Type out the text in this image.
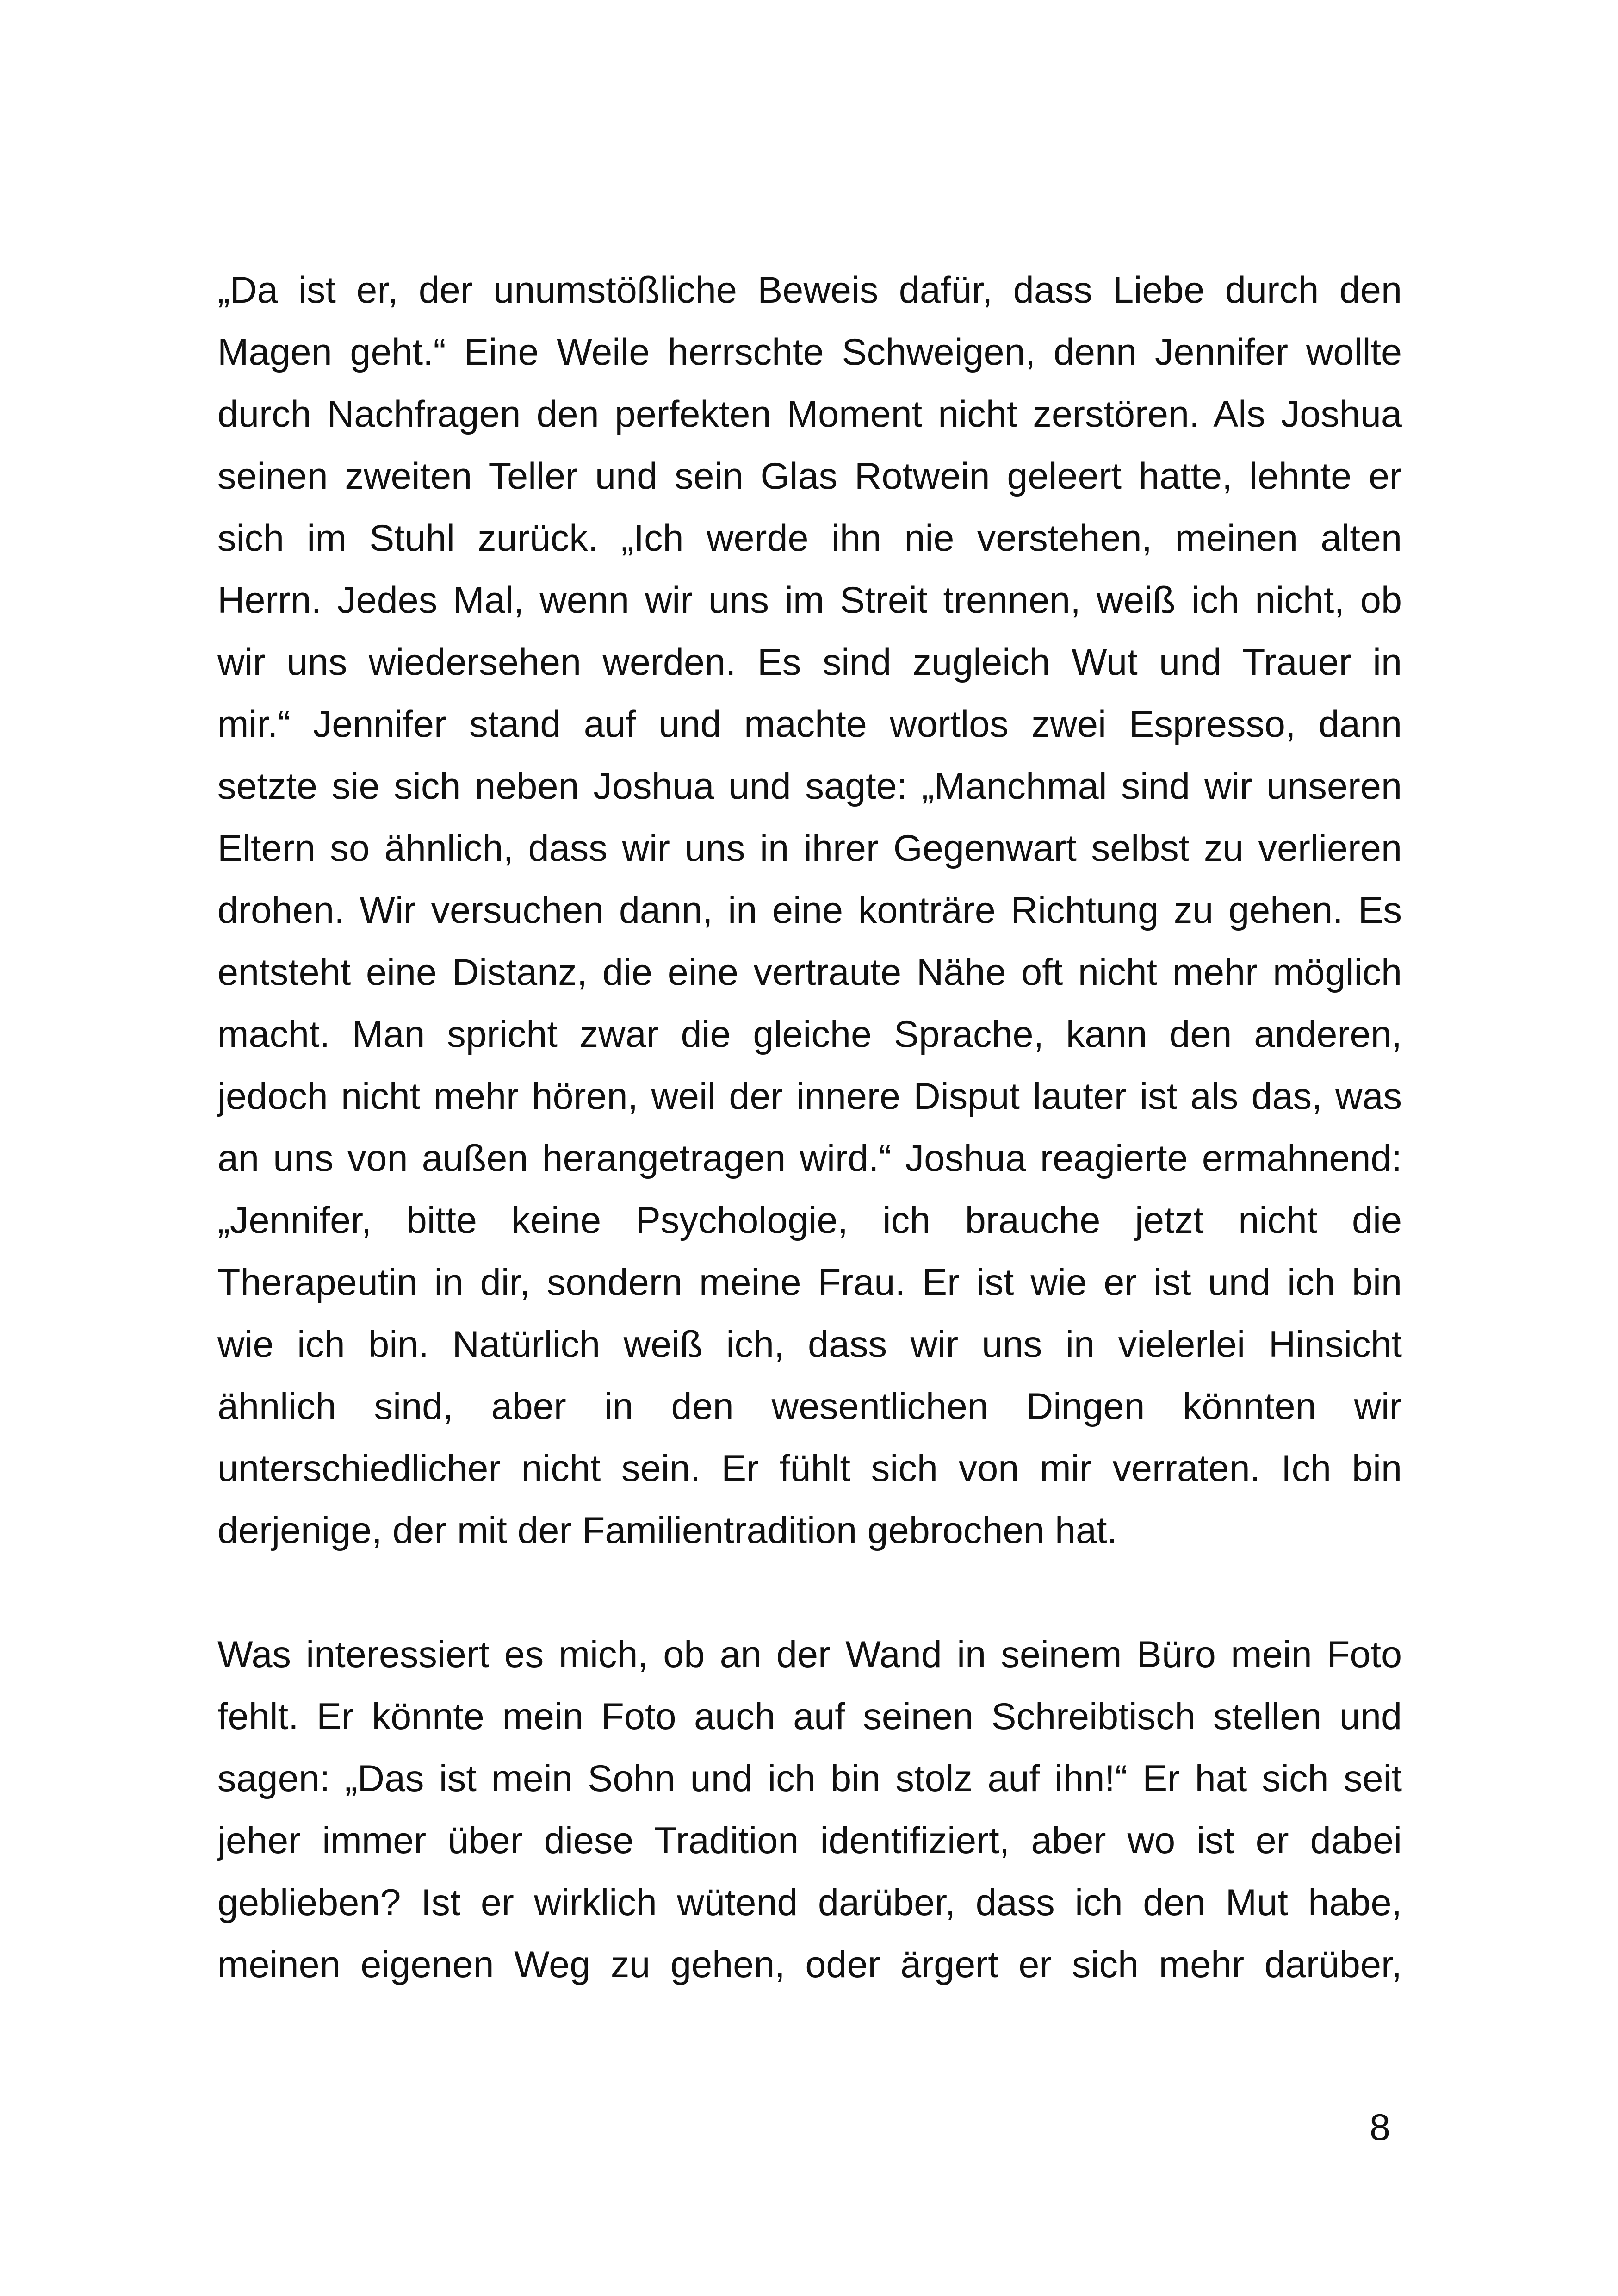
„Da ist er, der unumstößliche Beweis dafür, dass Liebe durch den
Magen geht.“ Eine Weile herrschte Schweigen, denn Jennifer wollte
durch Nachfragen den perfekten Moment nicht zerstören. Als Joshua
seinen zweiten Teller und sein Glas Rotwein geleert hatte, lehnte er
sich im Stuhl zurück. „Ich werde ihn nie verstehen, meinen alten
Herrn. Jedes Mal, wenn wir uns im Streit trennen, weiß ich nicht, ob
wir uns wiedersehen werden. Es sind zugleich Wut und Trauer in
mir.“ Jennifer stand auf und machte wortlos zwei Espresso, dann
setzte sie sich neben Joshua und sagte: „Manchmal sind wir unseren
Eltern so ähnlich, dass wir uns in ihrer Gegenwart selbst zu verlieren
drohen. Wir versuchen dann, in eine konträre Richtung zu gehen. Es
entsteht eine Distanz, die eine vertraute Nähe oft nicht mehr möglich
macht. Man spricht zwar die gleiche Sprache, kann den anderen,
jedoch nicht mehr hören, weil der innere Disput lauter ist als das, was
an uns von außen herangetragen wird.“ Joshua reagierte ermahnend:
„Jennifer, bitte keine Psychologie, ich brauche jetzt nicht die
Therapeutin in dir, sondern meine Frau. Er ist wie er ist und ich bin
wie ich bin. Natürlich weiß ich, dass wir uns in vielerlei Hinsicht
ähnlich sind, aber in den wesentlichen Dingen könnten wir
unterschiedlicher nicht sein. Er fühlt sich von mir verraten. Ich bin
derjenige, der mit der Familientradition gebrochen hat.
Was interessiert es mich, ob an der Wand in seinem Büro mein Foto
fehlt. Er könnte mein Foto auch auf seinen Schreibtisch stellen und
sagen: „Das ist mein Sohn und ich bin stolz auf ihn!“ Er hat sich seit
jeher immer über diese Tradition identifiziert, aber wo ist er dabei
geblieben? Ist er wirklich wütend darüber, dass ich den Mut habe,
meinen eigenen Weg zu gehen, oder ärgert er sich mehr darüber,
8
